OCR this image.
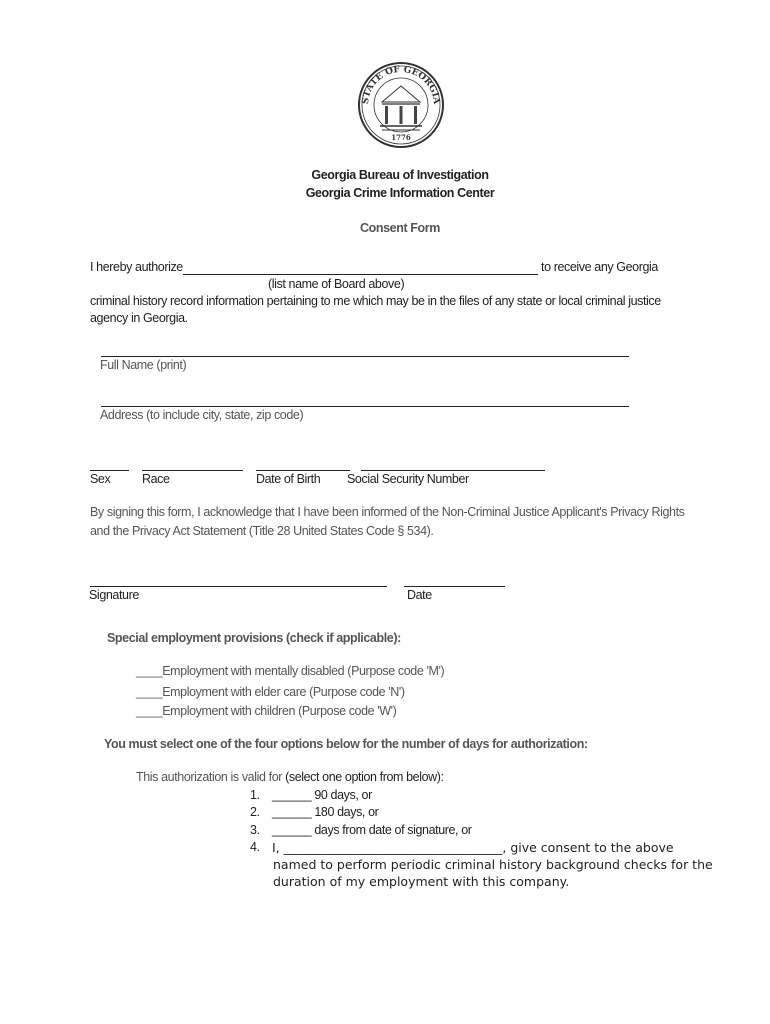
STATE OF GEORGIA
1776
Georgia Bureau of Investigation
Georgia Crime Information Center
Consent Form
I hereby authorize	to receive any Georgia
(list name of Board above)
criminal history record information pertaining to me which may be in the files of any state or local criminal justice
agency in Georgia.
Full Name (print)
Address (to include city, state, zip code)
Sex	Race	Date of Birth Social Security Number
By signing this form, I acknowledge that I have been informed of the Non-Criminal Justice Applicant's Privacy Rights
and the Privacy Act Statement (Title 28 United States Code § 534).
Signature	Date
Special employment provisions (check if applicable):
____Employment with mentally disabled (Purpose code 'M')
____Employment with elder care (Purpose code 'N')
____Employment with children (Purpose code 'W')
You must select one of the four options below for the number of days for authorization:
This authorization is valid for (select one option from below):
1. ______ 90 days, or
2. ______ 180 days, or
3. ______ days from date of signature, or
4. I, ___________________________________, give consent to the above
named to perform periodic criminal history background checks for the
duration of my employment with this company.
